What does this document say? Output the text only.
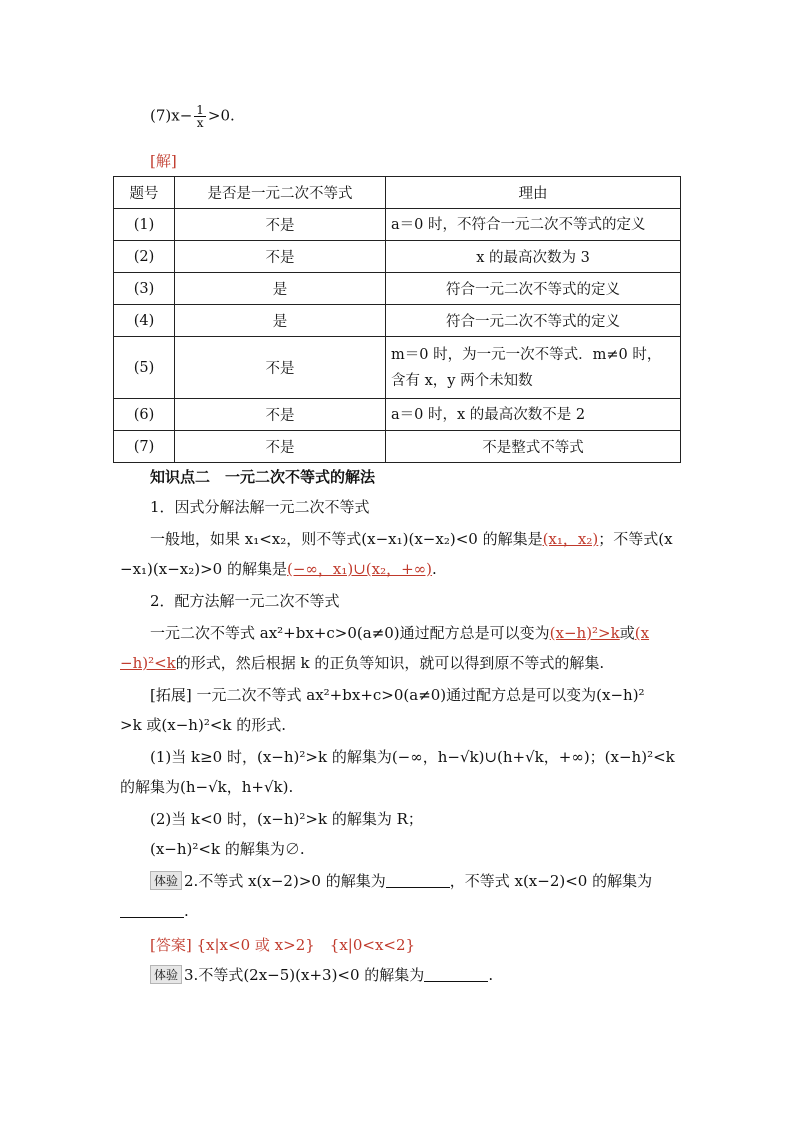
$(7)x- \frac{1}{x} >0$.
[解]
题号	是否是一元二次不等式	理由
(1)	不是	a＝0 时，不符合一元二次不等式的定义
(2)	不是	x 的最高次数为 3
(3)	是	符合一元二次不等式的定义
(4)	是	符合一元二次不等式的定义
(5)	不是	m＝0 时，为一元一次不等式．m≠0 时，
含有 x，y 两个未知数

(6)	不是	a＝0 时，x 的最高次数不是 2
(7)	不是	不是整式不等式
知识点二　一元二次不等式的解法
1．因式分解法解一元二次不等式
一般地，如果 x₁<x₂，则不等式(x−x₁)(x−x₂)<0 的解集是(x₁，x₂)；不等式(x
−x₁)(x−x₂)>0 的解集是(−∞，x₁)∪(x₂，+∞).
2．配方法解一元二次不等式
一元二次不等式 ax²+bx+c>0(a≠0)通过配方总是可以变为(x−h)²>k或(x
−h)²<k的形式，然后根据 k 的正负等知识，就可以得到原不等式的解集.
[拓展] 一元二次不等式 ax²+bx+c>0(a≠0)通过配方总是可以变为(x−h)²
>k 或(x−h)²<k 的形式.
(1)当 k≥0 时，(x−h)²>k 的解集为(−∞，h−√k)∪(h+√k，+∞)；(x−h)²<k
的解集为(h−√k，h+√k).
(2)当 k<0 时，(x−h)²>k 的解集为 R；
(x−h)²<k 的解集为∅.
体验 2.不等式 x(x−2)>0 的解集为	，不等式 x(x−2)<0 的解集为
.
[答案] {x|x<0 或 x>2}　{x|0<x<2}
体验 3.不等式(2x−5)(x+3)<0 的解集为	.
